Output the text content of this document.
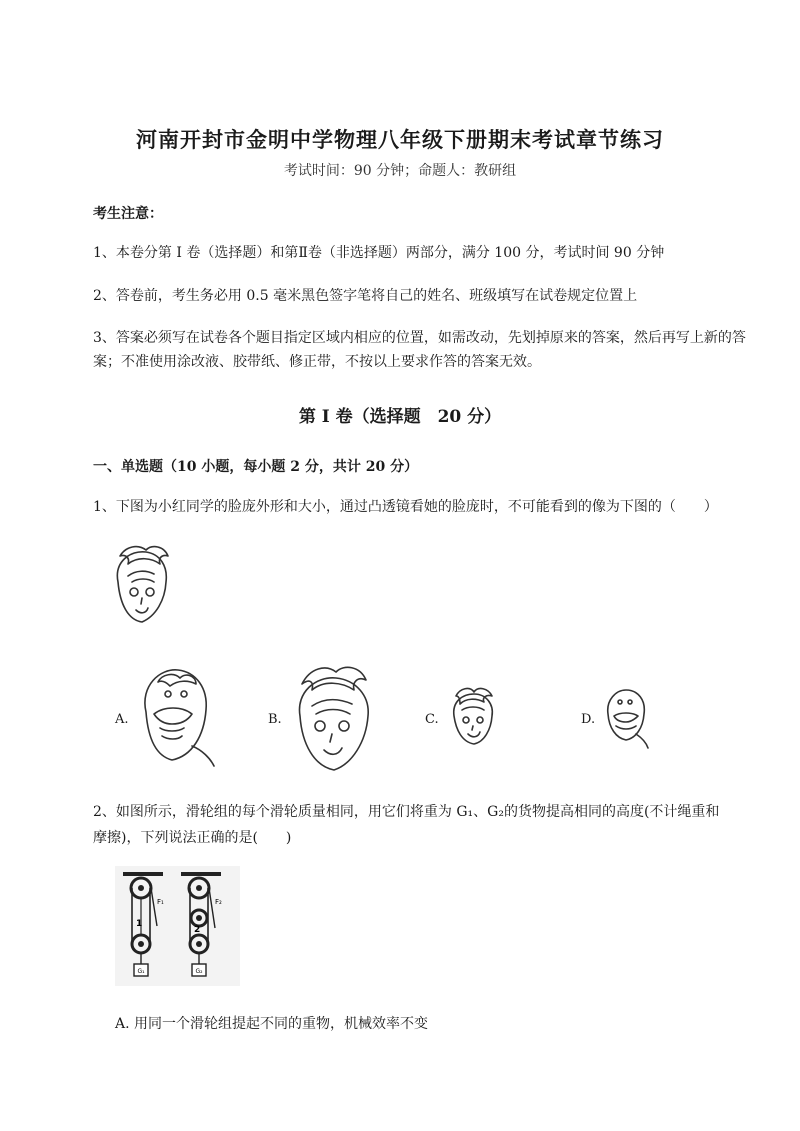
河南开封市金明中学物理八年级下册期末考试章节练习
考试时间：90 分钟；命题人：教研组
考生注意：
1、本卷分第 I 卷（选择题）和第Ⅱ卷（非选择题）两部分，满分 100 分，考试时间 90 分钟
2、答卷前，考生务必用 0.5 毫米黑色签字笔将自己的姓名、班级填写在试卷规定位置上
3、答案必须写在试卷各个题目指定区域内相应的位置，如需改动，先划掉原来的答案，然后再写上新的答案；不准使用涂改液、胶带纸、修正带，不按以上要求作答的答案无效。
第 I 卷（选择题　20 分）
一、单选题（10 小题，每小题 2 分，共计 20 分）
1、下图为小红同学的脸庞外形和大小，通过凸透镜看她的脸庞时，不可能看到的像为下图的（　　）
A.	B.	C.	D.
2、如图所示，滑轮组的每个滑轮质量相同，用它们将重为 G₁、G₂的货物提高相同的高度(不计绳重和
摩擦)，下列说法正确的是(　　)
G₁
F₁
1
G₂
F₂
2
A. 用同一个滑轮组提起不同的重物，机械效率不变
